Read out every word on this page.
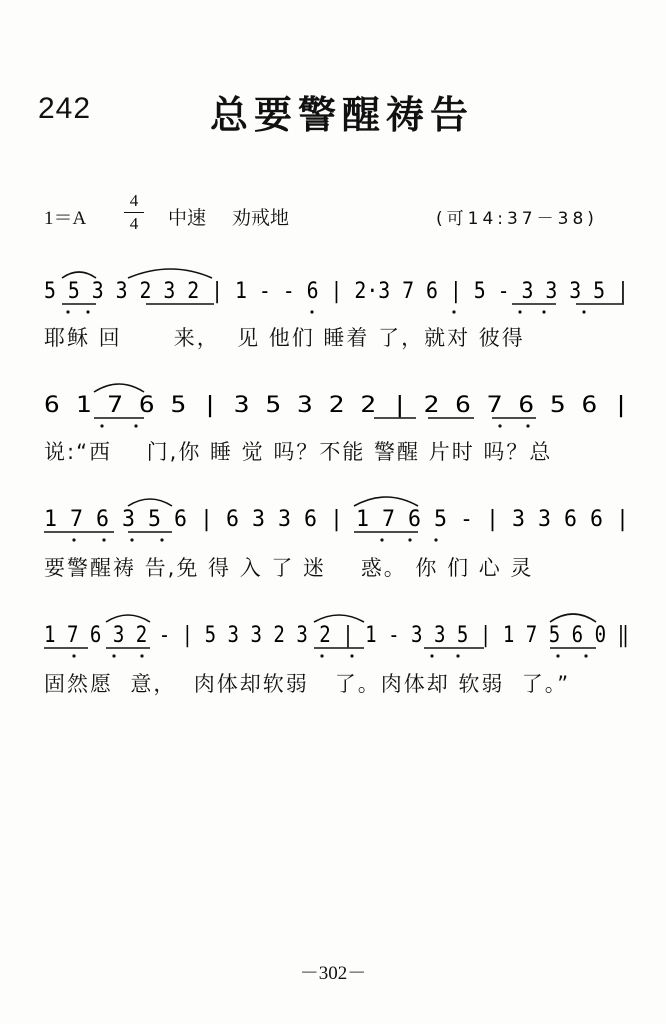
242	总要警醒祷告
1＝A
4
4	中速 劝戒地	(可14:37－38)
5 5 3 3 2 3 2 | 1 - - 6 | 2·3 7 6 | 5 - 3 3 3 5 |
耶稣 回      来，  见 他们 睡着 了，就对 彼得
6 1 7 6 5 | 3 5 3 2 2 | 2 6 7 6 5 6 |
说:“西    门,你 睡 觉 吗？不能 警醒 片时 吗？总
1 7 6 3 5 6 | 6 3 3 6 | 1 7 6 5 - | 3 3 6 6 |
要警醒祷 告,免 得 入 了 迷    惑。 你 们 心 灵
1 7 6 3 2 - | 5 3 3 2 3 2 | 1 - 3 3 5 | 1 7 5 6 0 ‖
固然愿  意，  肉体却软弱   了。肉体却 软弱  了。”
－302－
